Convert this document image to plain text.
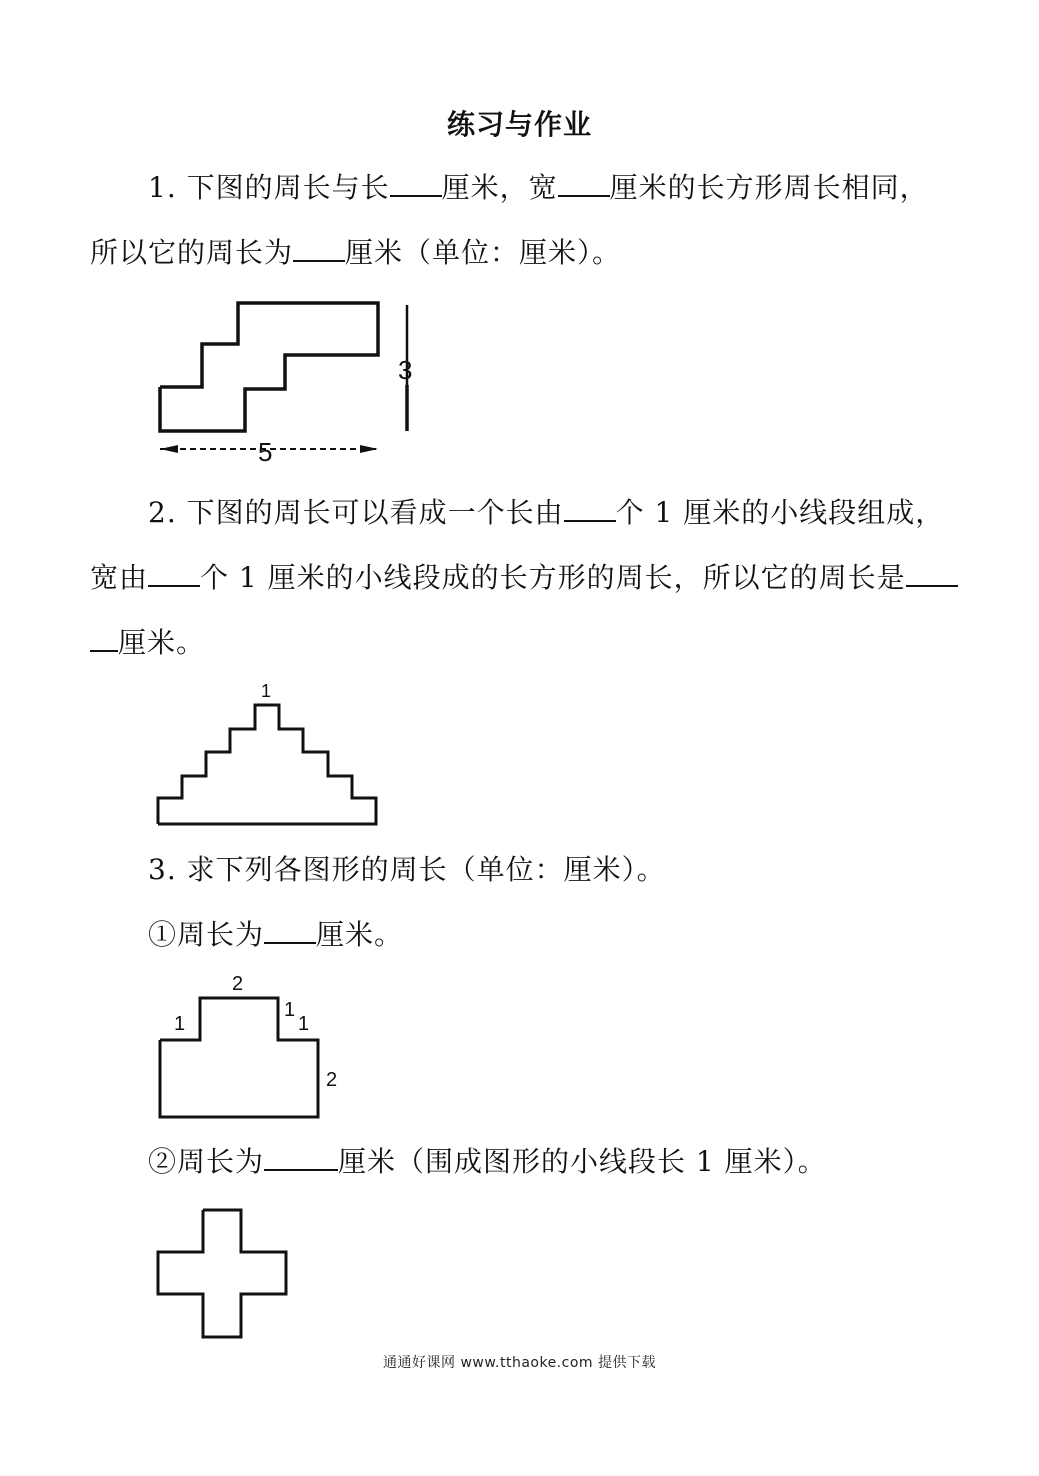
练习与作业
1. 下图的周长与长 厘米，宽 厘米的长方形周长相同，
所以它的周长为 厘米（单位：厘米）。
3
5
2. 下图的周长可以看成一个长由 个 1 厘米的小线段组成，
宽由 个 1 厘米的小线段成的长方形的周长，所以它的周长是
厘米。
1
3. 求下列各图形的周长（单位：厘米）。
①周长为 厘米。
2
1
1
1
2
②周长为	厘米（围成图形的小线段长 1 厘米）。
通通好课网 www.tthaoke.com 提供下载
